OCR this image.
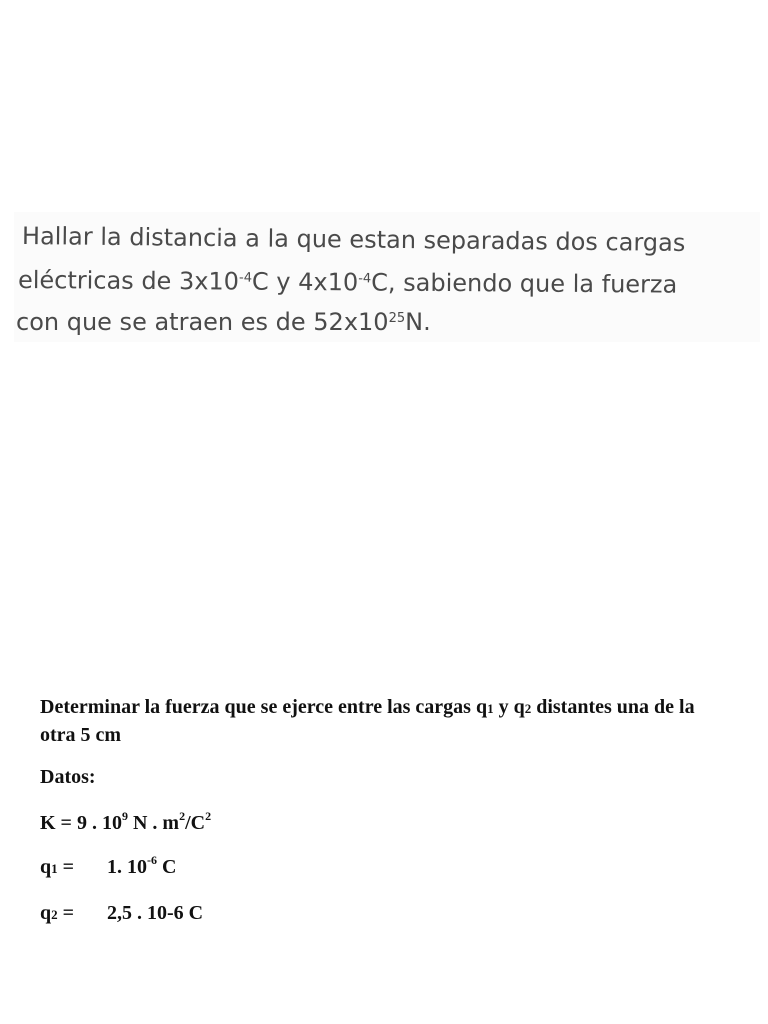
Hallar la distancia a la que estan separadas dos cargas
eléctricas de $3x10^{-4}C$ y $4x10^{-4}C$, sabiendo que la fuerza
con que se atraen es de $52x10^{25}N$.

Determinar la fuerza que se ejerce entre las cargas q1 y q2 distantes una de la otra 5 cm

Datos:
K = 9 . $10^9$ N . $m^2/C^2$
q1 = 1. $10^{-6}$ C
q2 = 2,5 . 10-6 C
